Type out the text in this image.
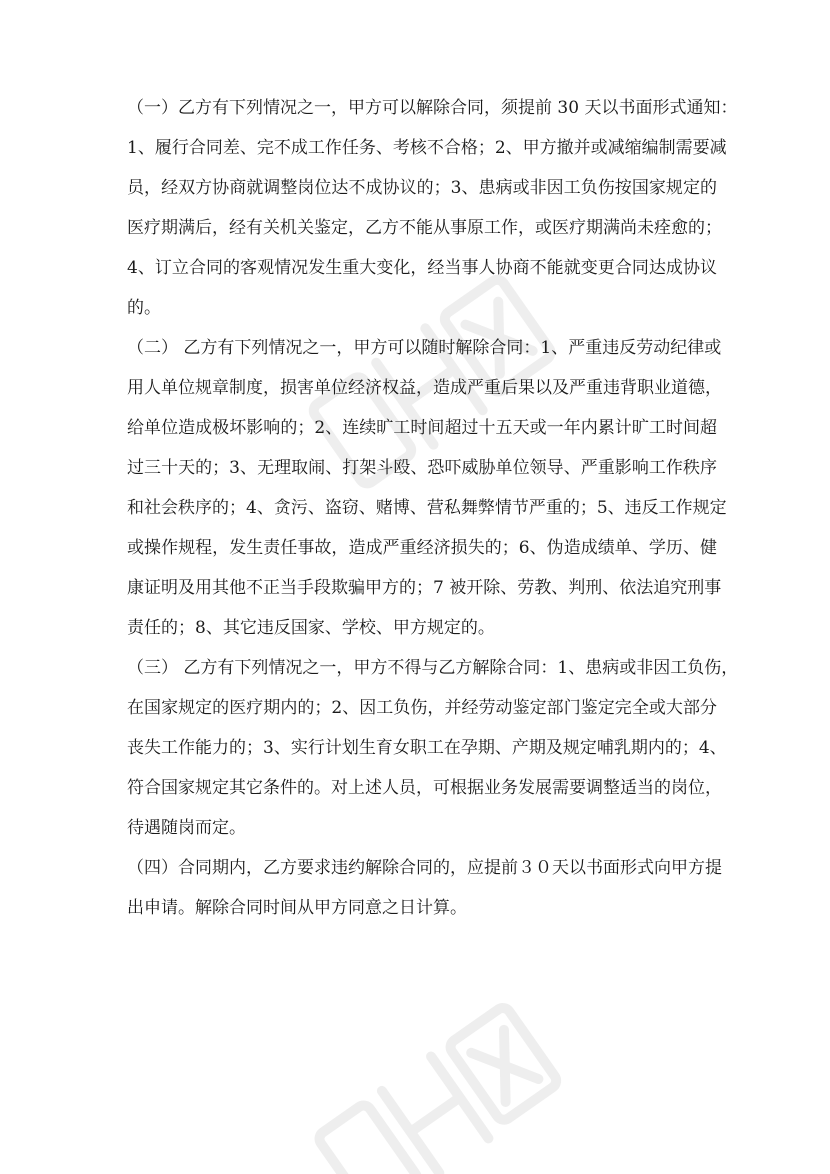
（一）乙方有下列情况之一，甲方可以解除合同，须提前 30 天以书面形式通知：
1、履行合同差、完不成工作任务、考核不合格；2、甲方撤并或减缩编制需要减
员，经双方协商就调整岗位达不成协议的；3、患病或非因工负伤按国家规定的
医疗期满后，经有关机关鉴定，乙方不能从事原工作，或医疗期满尚未痊愈的；
4、订立合同的客观情况发生重大变化，经当事人协商不能就变更合同达成协议
的。
（二） 乙方有下列情况之一，甲方可以随时解除合同：1、严重违反劳动纪律或
用人单位规章制度，损害单位经济权益，造成严重后果以及严重违背职业道德，
给单位造成极坏影响的；2、连续旷工时间超过十五天或一年内累计旷工时间超
过三十天的；3、无理取闹、打架斗殴、恐吓威胁单位领导、严重影响工作秩序
和社会秩序的；4、贪污、盗窃、赌博、营私舞弊情节严重的；5、违反工作规定
或操作规程，发生责任事故，造成严重经济损失的；6、伪造成绩单、学历、健
康证明及用其他不正当手段欺骗甲方的；7 被开除、劳教、判刑、依法追究刑事
责任的；8、其它违反国家、学校、甲方规定的。
（三） 乙方有下列情况之一，甲方不得与乙方解除合同：1、患病或非因工负伤，
在国家规定的医疗期内的；2、因工负伤，并经劳动鉴定部门鉴定完全或大部分
丧失工作能力的；3、实行计划生育女职工在孕期、产期及规定哺乳期内的；4、
符合国家规定其它条件的。对上述人员，可根据业务发展需要调整适当的岗位，
待遇随岗而定。
（四）合同期内，乙方要求违约解除合同的，应提前３０天以书面形式向甲方提
出申请。解除合同时间从甲方同意之日计算。
